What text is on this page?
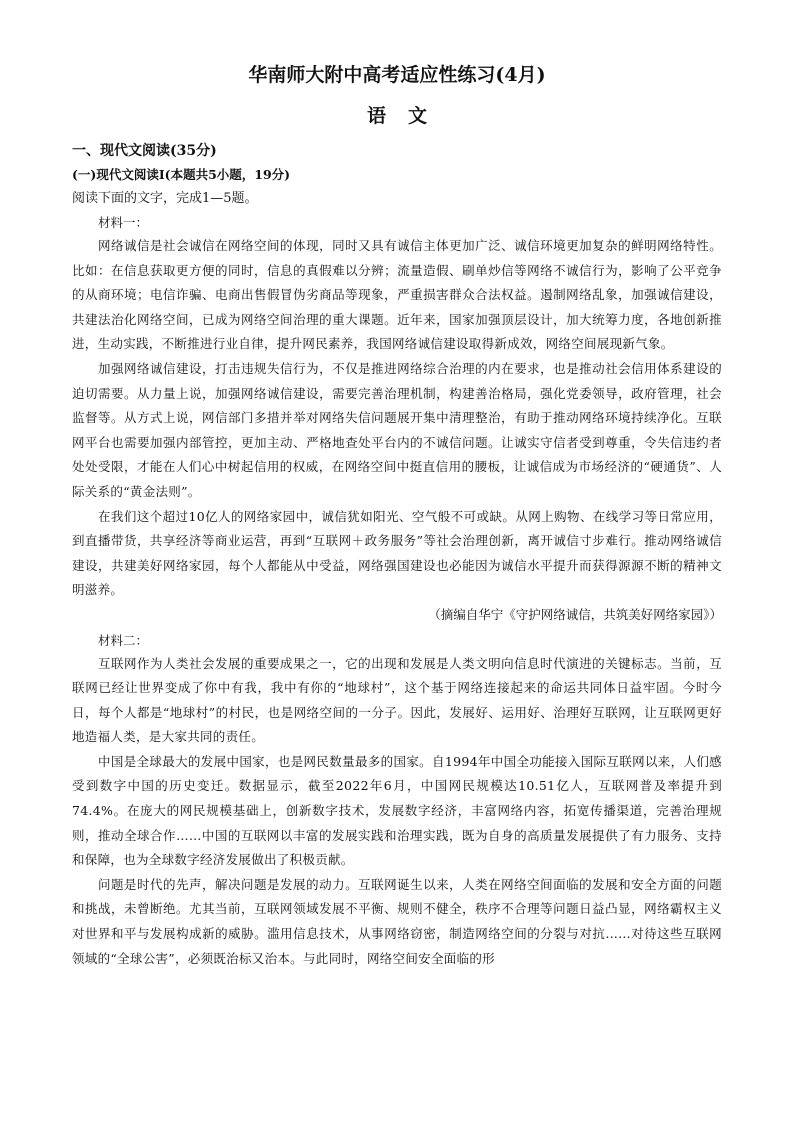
华南师大附中高考适应性练习(4月)
语文

一、现代文阅读(35分)

(一)现代文阅读Ⅰ(本题共5小题，19分)

阅读下面的文字，完成1—5题。

材料一：

网络诚信是社会诚信在网络空间的体现，同时又具有诚信主体更加广泛、诚信环境更加复杂的鲜明网络特性。比如：在信息获取更方便的同时，信息的真假难以分辨；流量造假、刷单炒信等网络不诚信行为，影响了公平竞争的从商环境；电信诈骗、电商出售假冒伪劣商品等现象，严重损害群众合法权益。遏制网络乱象，加强诚信建设，共建法治化网络空间，已成为网络空间治理的重大课题。近年来，国家加强顶层设计，加大统筹力度，各地创新推进，生动实践，不断推进行业自律，提升网民素养，我国网络诚信建设取得新成效，网络空间展现新气象。

加强网络诚信建设，打击违规失信行为，不仅是推进网络综合治理的内在要求，也是推动社会信用体系建设的迫切需要。从力量上说，加强网络诚信建设，需要完善治理机制，构建善治格局，强化党委领导，政府管理，社会监督等。从方式上说，网信部门多措并举对网络失信问题展开集中清理整治，有助于推动网络环境持续净化。互联网平台也需要加强内部管控，更加主动、严格地查处平台内的不诚信问题。让诚实守信者受到尊重，令失信违约者处处受限，才能在人们心中树起信用的权威，在网络空间中挺直信用的腰板，让诚信成为市场经济的“硬通货”、人际关系的“黄金法则”。

在我们这个超过10亿人的网络家园中，诚信犹如阳光、空气般不可或缺。从网上购物、在线学习等日常应用，到直播带货，共享经济等商业运营，再到“互联网＋政务服务”等社会治理创新，离开诚信寸步难行。推动网络诚信建设，共建美好网络家园，每个人都能从中受益，网络强国建设也必能因为诚信水平提升而获得源源不断的精神文明滋养。

（摘编自华宁《守护网络诚信，共筑美好网络家园》）

材料二：

互联网作为人类社会发展的重要成果之一，它的出现和发展是人类文明向信息时代演进的关键标志。当前，互联网已经让世界变成了你中有我，我中有你的“地球村”，这个基于网络连接起来的命运共同体日益牢固。今时今日，每个人都是“地球村”的村民，也是网络空间的一分子。因此，发展好、运用好、治理好互联网，让互联网更好地造福人类，是大家共同的责任。

中国是全球最大的发展中国家，也是网民数量最多的国家。自1994年中国全功能接入国际互联网以来，人们感受到数字中国的历史变迁。数据显示，截至2022年6月，中国网民规模达10.51亿人，互联网普及率提升到74.4%。在庞大的网民规模基础上，创新数字技术，发展数字经济，丰富网络内容，拓宽传播渠道，完善治理规则，推动全球合作……中国的互联网以丰富的发展实践和治理实践，既为自身的高质量发展提供了有力服务、支持和保障，也为全球数字经济发展做出了积极贡献。

问题是时代的先声，解决问题是发展的动力。互联网诞生以来，人类在网络空间面临的发展和安全方面的问题和挑战，未曾断绝。尤其当前，互联网领域发展不平衡、规则不健全，秩序不合理等问题日益凸显，网络霸权主义对世界和平与发展构成新的威胁。滥用信息技术，从事网络窃密，制造网络空间的分裂与对抗……对待这些互联网领域的“全球公害”，必须既治标又治本。与此同时，网络空间安全面临的形
